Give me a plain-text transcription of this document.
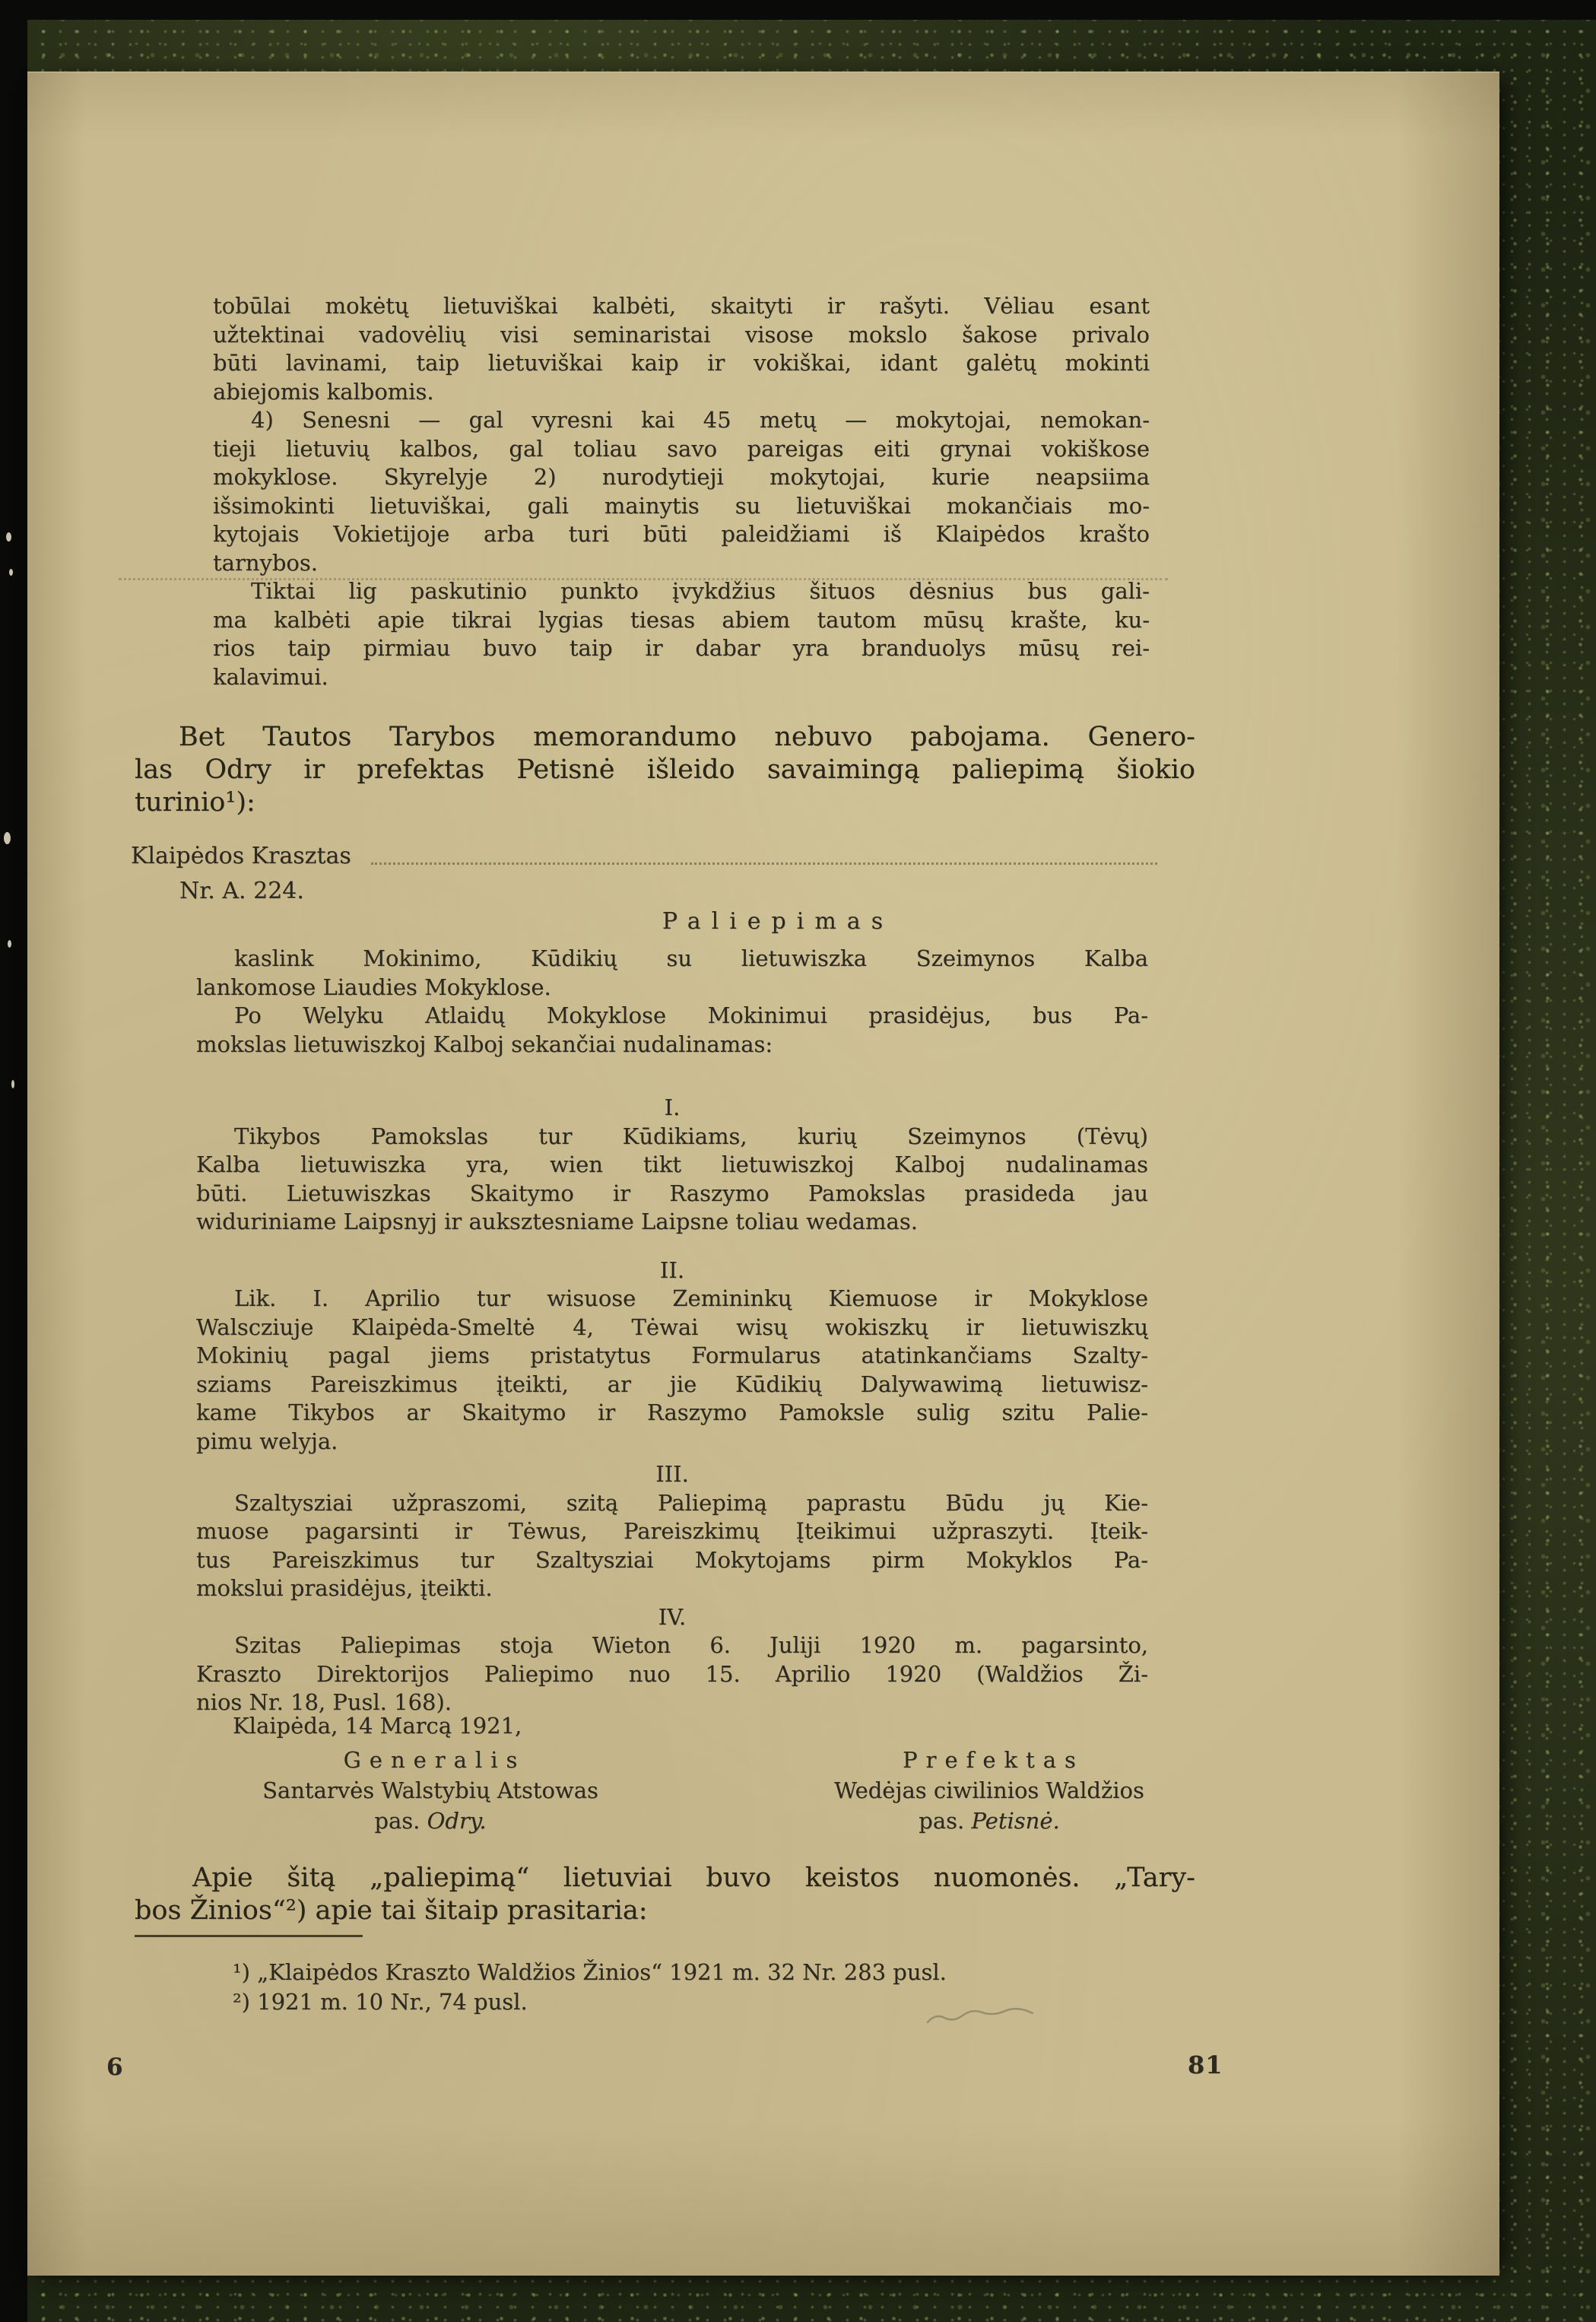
tobūlai mokėtų lietuviškai kalbėti, skaityti ir rašyti. Vėliau esant
užtektinai vadovėlių visi seminaristai visose mokslo šakose privalo
būti lavinami, taip lietuviškai kaip ir vokiškai, idant galėtų mokinti
abiejomis kalbomis.
4) Senesni — gal vyresni kai 45 metų — mokytojai, nemokan-
tieji lietuvių kalbos, gal toliau savo pareigas eiti grynai vokiškose
mokyklose. Skyrelyje 2) nurodytieji mokytojai, kurie neapsiima
išsimokinti lietuviškai, gali mainytis su lietuviškai mokančiais mo-
kytojais Vokietijoje arba turi būti paleidžiami iš Klaipėdos krašto
tarnybos.
Tiktai lig paskutinio punkto įvykdžius šituos dėsnius bus gali-
ma kalbėti apie tikrai lygias tiesas abiem tautom mūsų krašte, ku-
rios taip pirmiau buvo taip ir dabar yra branduolys mūsų rei-
kalavimui.
Bet Tautos Tarybos memorandumo nebuvo pabojama. Genero-
las Odry ir prefektas Petisnė išleido savaimingą paliepimą šiokio
turinio¹):
Klaipėdos Krasztas
Nr. A. 224.
Paliepimas
kaslink Mokinimo, Kūdikių su lietuwiszka Szeimynos Kalba
lankomose Liaudies Mokyklose.
Po Welyku Atlaidų Mokyklose Mokinimui prasidėjus, bus Pa-
mokslas lietuwiszkoj Kalboj sekančiai nudalinamas:
I.
Tikybos Pamokslas tur Kūdikiams, kurių Szeimynos (Tėvų)
Kalba lietuwiszka yra, wien tikt lietuwiszkoj Kalboj nudalinamas
būti. Lietuwiszkas Skaitymo ir Raszymo Pamokslas prasideda jau
widuriniame Laipsnyj ir auksztesniame Laipsne toliau wedamas.
II.
Lik. I. Aprilio tur wisuose Zemininkų Kiemuose ir Mokyklose
Walscziuje Klaipėda-Smeltė 4, Tėwai wisų wokiszkų ir lietuwiszkų
Mokinių pagal jiems pristatytus Formularus atatinkančiams Szalty-
sziams Pareiszkimus įteikti, ar jie Kūdikių Dalywawimą lietuwisz-
kame Tikybos ar Skaitymo ir Raszymo Pamoksle sulig szitu Palie-
pimu welyja.
III.
Szaltysziai užpraszomi, szitą Paliepimą paprastu Būdu jų Kie-
muose pagarsinti ir Tėwus, Pareiszkimų Įteikimui užpraszyti. Įteik-
tus Pareiszkimus tur Szaltysziai Mokytojams pirm Mokyklos Pa-
mokslui prasidėjus, įteikti.
IV.
Szitas Paliepimas stoja Wieton 6. Juliji 1920 m. pagarsinto,
Kraszto Direktorijos Paliepimo nuo 15. Aprilio 1920 (Waldžios Ži-
nios Nr. 18, Pusl. 168).
Klaipėda, 14 Marcą 1921,
Generalis
Santarvės Walstybių Atstowas
pas. Odry.
Prefektas
Wedėjas ciwilinios Waldžios
pas. Petisnė.
Apie šitą „paliepimą“ lietuviai buvo keistos nuomonės. „Tary-
bos Žinios“²) apie tai šitaip prasitaria:
¹) „Klaipėdos Kraszto Waldžios Žinios“ 1921 m. 32 Nr. 283 pusl.
²) 1921 m. 10 Nr., 74 pusl.
6	81
